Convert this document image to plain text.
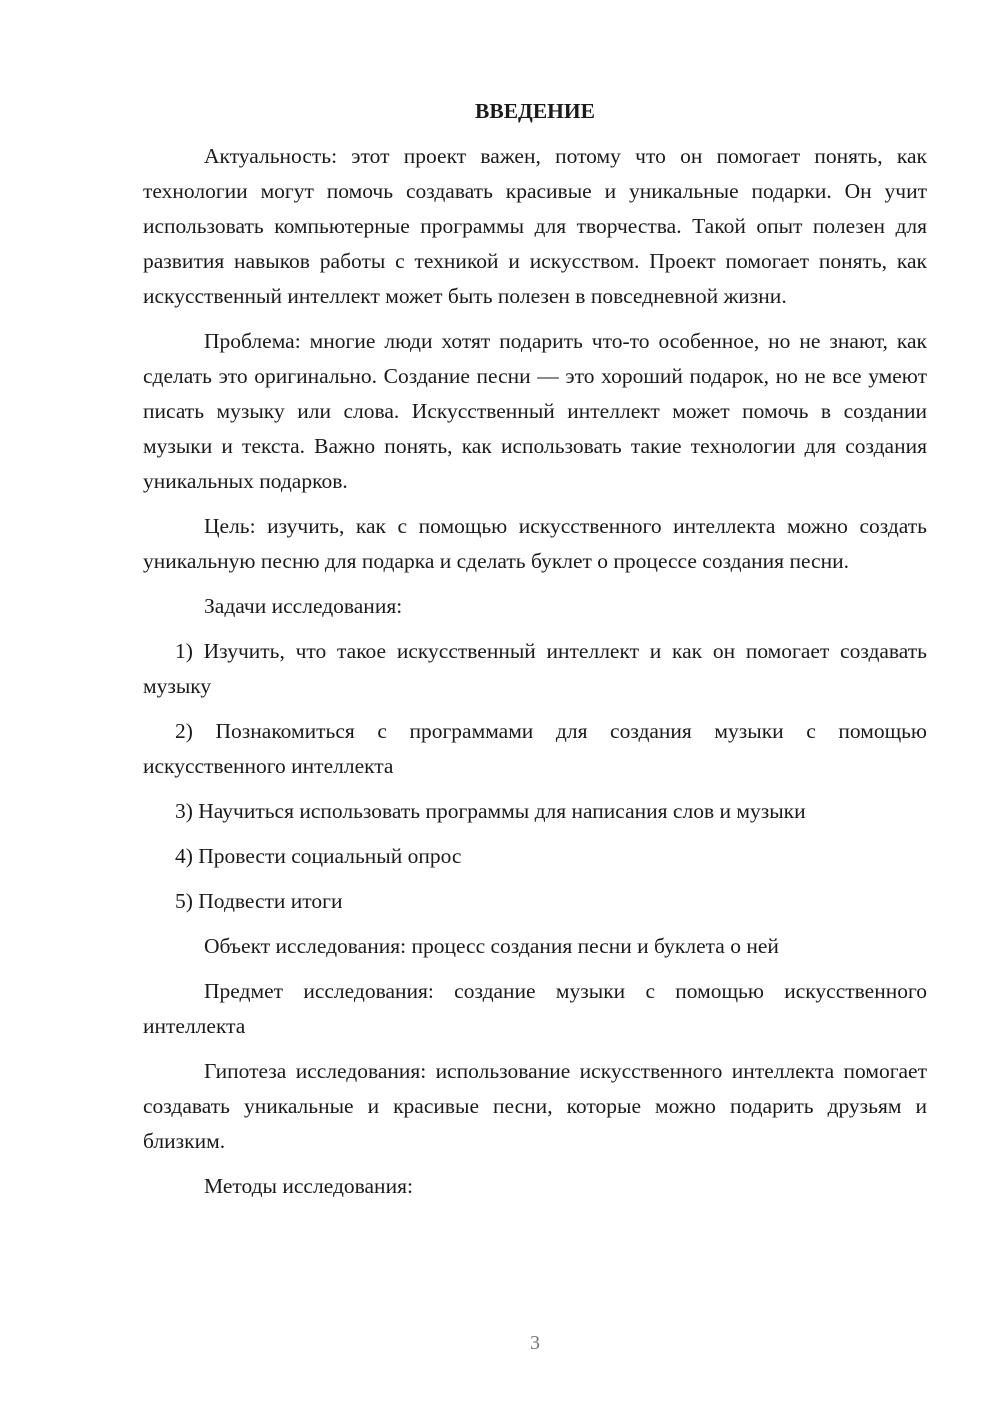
ВВЕДЕНИЕ

Актуальность: этот проект важен, потому что он помогает понять, как технологии могут помочь создавать красивые и уникальные подарки. Он учит использовать компьютерные программы для творчества. Такой опыт полезен для развития навыков работы с техникой и искусством. Проект помогает понять, как искусственный интеллект может быть полезен в повседневной жизни.

Проблема: многие люди хотят подарить что-то особенное, но не знают, как сделать это оригинально. Создание песни — это хороший подарок, но не все умеют писать музыку или слова. Искусственный интеллект может помочь в создании музыки и текста. Важно понять, как использовать такие технологии для создания уникальных подарков.

Цель: изучить, как с помощью искусственного интеллекта можно создать уникальную песню для подарка и сделать буклет о процессе создания песни.

Задачи исследования:

1) Изучить, что такое искусственный интеллект и как он помогает создавать музыку

2) Познакомиться с программами для создания музыки с помощью искусственного интеллекта

3) Научиться использовать программы для написания слов и музыки

4) Провести социальный опрос

5) Подвести итоги

Объект исследования: процесс создания песни и буклета о ней

Предмет исследования: создание музыки с помощью искусственного интеллекта

Гипотеза исследования: использование искусственного интеллекта помогает создавать уникальные и красивые песни, которые можно подарить друзьям и близким.

Методы исследования:

3
